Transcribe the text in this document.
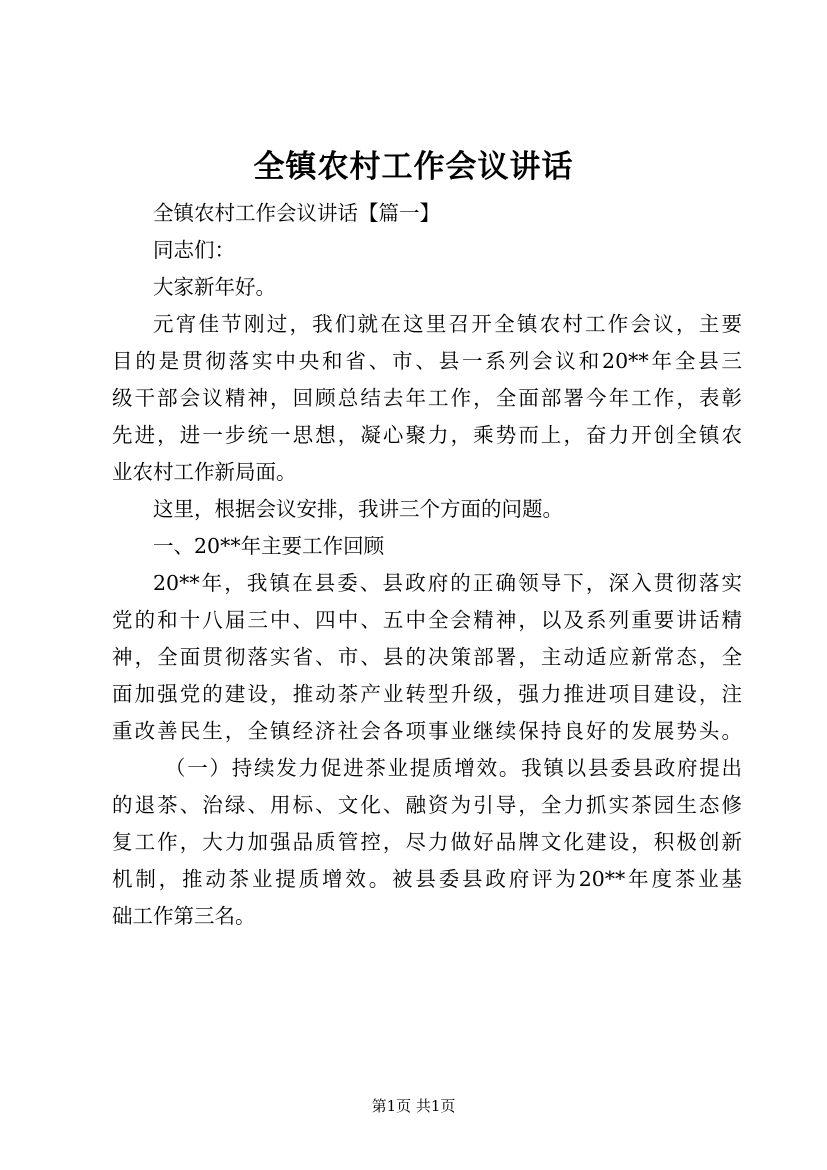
全镇农村工作会议讲话
全镇农村工作会议讲话【篇一】
同志们：
大家新年好。
元宵佳节刚过，我们就在这里召开全镇农村工作会议，主要
目的是贯彻落实中央和省、市、县一系列会议和20**年全县三
级干部会议精神，回顾总结去年工作，全面部署今年工作，表彰
先进，进一步统一思想，凝心聚力，乘势而上，奋力开创全镇农
业农村工作新局面。
这里，根据会议安排，我讲三个方面的问题。
一、20**年主要工作回顾
20**年，我镇在县委、县政府的正确领导下，深入贯彻落实
党的和十八届三中、四中、五中全会精神，以及系列重要讲话精
神，全面贯彻落实省、市、县的决策部署，主动适应新常态，全
面加强党的建设，推动茶产业转型升级，强力推进项目建设，注
重改善民生，全镇经济社会各项事业继续保持良好的发展势头。
（一）持续发力促进茶业提质增效。我镇以县委县政府提出
的退茶、治绿、用标、文化、融资为引导，全力抓实茶园生态修
复工作，大力加强品质管控，尽力做好品牌文化建设，积极创新
机制，推动茶业提质增效。被县委县政府评为20**年度茶业基
础工作第三名。
第1页 共1页
